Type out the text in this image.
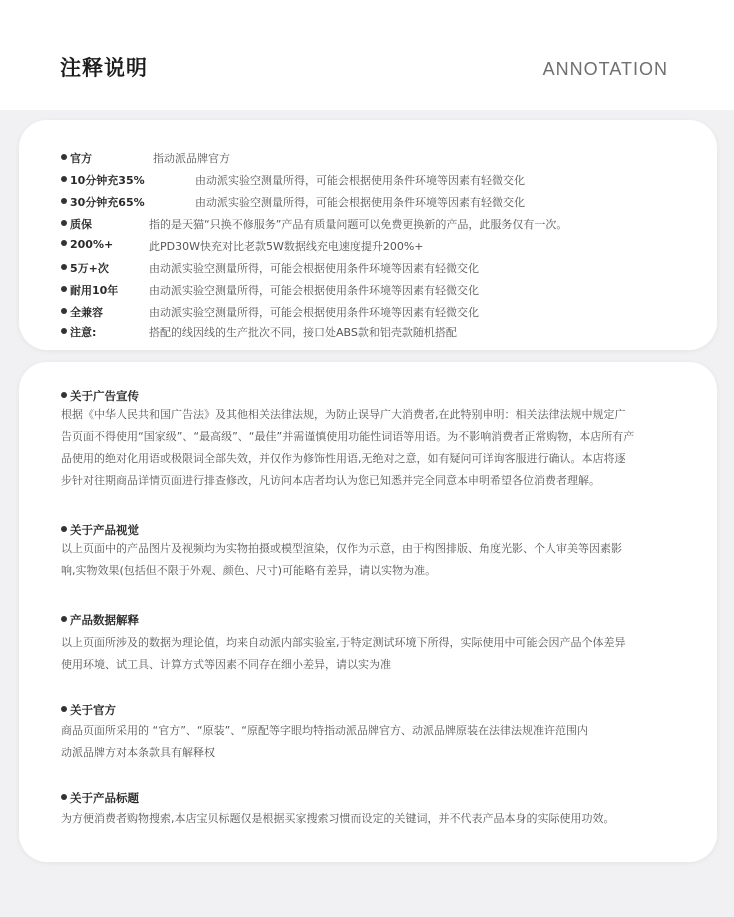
注释说明	ANNOTATION
官方	指动派品牌官方
10分钟充35%	由动派实验空测量所得，可能会根据使用条件环境等因素有轻微交化
30分钟充65%	由动派实验空测量所得，可能会根据使用条件环境等因素有轻微交化
质保	指的是天猫“只换不修服务”产品有质量问题可以免费更换新的产品，此服务仅有一次。
200%+	此PD30W快充对比老款5W数据线充电速度提升200%+
5万+次	由动派实验空测量所得，可能会根据使用条件环境等因素有轻微交化
耐用10年	由动派实验空测量所得，可能会根据使用条件环境等因素有轻微交化
全兼容	由动派实验空测量所得，可能会根据使用条件环境等因素有轻微交化
注意:	搭配的线因线的生产批次不同，接口处ABS款和铝壳款随机搭配
关于广告宣传

根据《中华人民共和国广告法》及其他相关法律法规，为防止误导广大消费者,在此特别申明：相关法律法规中规定广

告页面不得使用“国家级”、“最高级”、“最佳”并需谨慎使用功能性词语等用语。为不影响消费者正常购物，本店所有产

品使用的绝对化用语或极限词全部失效，并仅作为修饰性用语,无绝对之意，如有疑问可详询客服进行确认。本店将逐

步针对往期商品详情页面进行排查修改，凡访问本店者均认为您已知悉并完全同意本申明希望各位消费者理解。

关于产品视觉

以上页面中的产品图片及视频均为实物拍摄或模型渲染，仅作为示意，由于构图排版、角度光影、个人审美等因素影

响,实物效果(包括但不限于外观、颜色、尺寸)可能略有差异，请以实物为准。

产品数据解释

以上页面所涉及的数据为理论值，均来自动派内部实验室,于特定测试环境下所得，实际使用中可能会因产品个体差异

使用环境、试工具、计算方式等因素不同存在细小差异，请以实为准

关于官方

商品页面所采用的 “官方”、“原装”、“原配等字眼均特指动派品牌官方、动派品牌原装在法律法规准许范围内

动派品牌方对本条款具有解释权

关于产品标题

为方便消费者购物搜索,本店宝贝标题仅是根据买家搜索习惯而设定的关键词，并不代表产品本身的实际使用功效。
